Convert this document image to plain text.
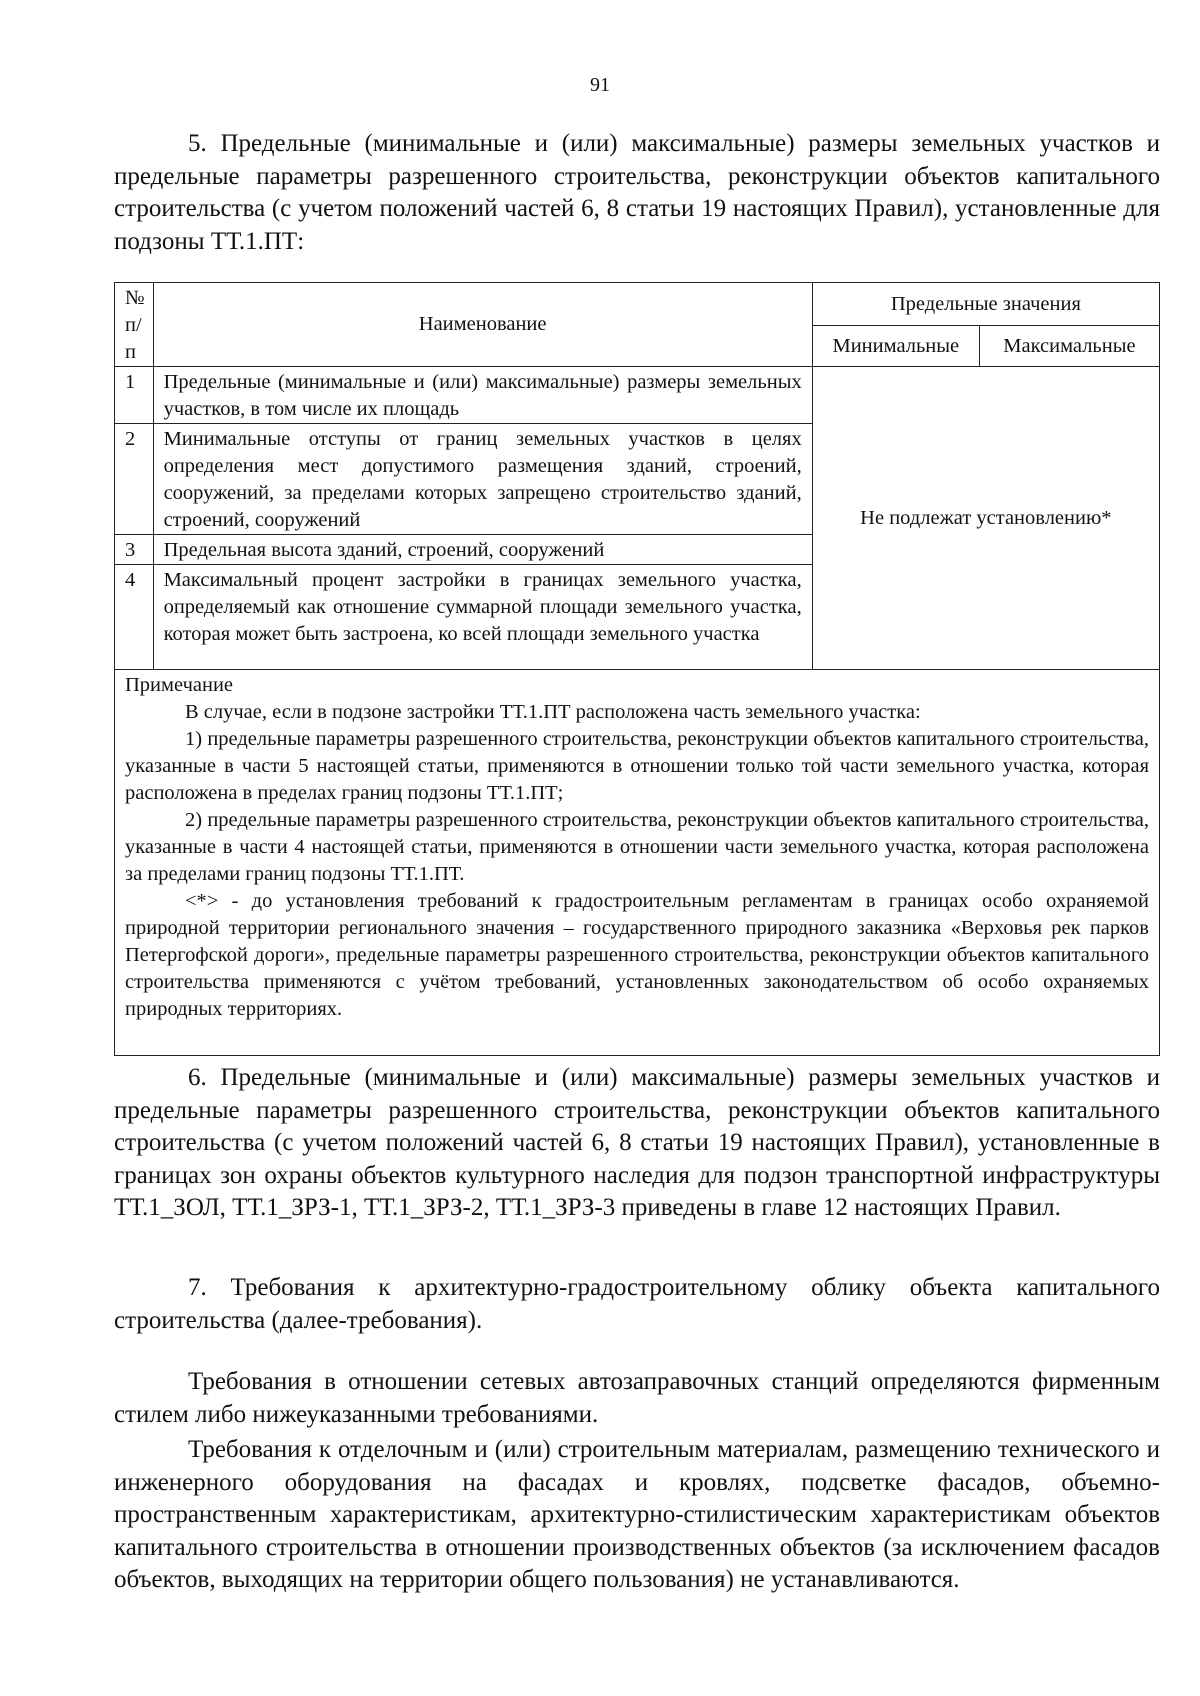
91

5. Предельные (минимальные и (или) максимальные) размеры земельных участков и предельные параметры разрешенного строительства, реконструкции объектов капитального строительства (с учетом положений частей 6, 8 статьи 19 настоящих Правил), установленные для подзоны ТТ.1.ПТ:

№ п/п	Наименование	Предельные значения	
		Минимальные	Максимальные
1	Предельные (минимальные и (или) максимальные) размеры земельных участков, в том числе их площадь	Не подлежат установлению*	
2	Минимальные отступы от границ земельных участков в целях определения мест допустимого размещения зданий, строений, сооружений, за пределами которых запрещено строительство зданий, строений, сооружений		
3	Предельная высота зданий, строений, сооружений		
4	Максимальный процент застройки в границах земельного участка, определяемый как отношение суммарной площади земельного участка, которая может быть застроена, ко всей площади земельного участка		

Примечание

В случае, если в подзоне застройки ТТ.1.ПТ расположена часть земельного участка:

1) предельные параметры разрешенного строительства, реконструкции объектов капитального строительства, указанные в части 5 настоящей статьи, применяются в отношении только той части земельного участка, которая расположена в пределах границ подзоны ТТ.1.ПТ;

2) предельные параметры разрешенного строительства, реконструкции объектов капитального строительства, указанные в части 4 настоящей статьи, применяются в отношении части земельного участка, которая расположена за пределами границ подзоны ТТ.1.ПТ.

<*> - до установления требований к градостроительным регламентам в границах особо охраняемой природной территории регионального значения – государственного природного заказника «Верховья рек парков Петергофской дороги», предельные параметры разрешенного строительства, реконструкции объектов капитального строительства применяются с учётом требований, установленных законодательством об особо охраняемых природных территориях.			

6. Предельные (минимальные и (или) максимальные) размеры земельных участков и предельные параметры разрешенного строительства, реконструкции объектов капитального строительства (с учетом положений частей 6, 8 статьи 19 настоящих Правил), установленные в границах зон охраны объектов культурного наследия для подзон транспортной инфраструктуры ТТ.1_ЗОЛ, ТТ.1_ЗРЗ-1, ТТ.1_ЗРЗ-2, ТТ.1_ЗРЗ-3 приведены в главе 12 настоящих Правил.

7. Требования к архитектурно-градостроительному облику объекта капитального строительства (далее-требования).

Требования в отношении сетевых автозаправочных станций определяются фирменным стилем либо нижеуказанными требованиями.

Требования к отделочным и (или) строительным материалам, размещению технического и инженерного оборудования на фасадах и кровлях, подсветке фасадов, объемно-пространственным характеристикам, архитектурно-стилистическим характеристикам объектов капитального строительства в отношении производственных объектов (за исключением фасадов объектов, выходящих на территории общего пользования) не устанавливаются.
